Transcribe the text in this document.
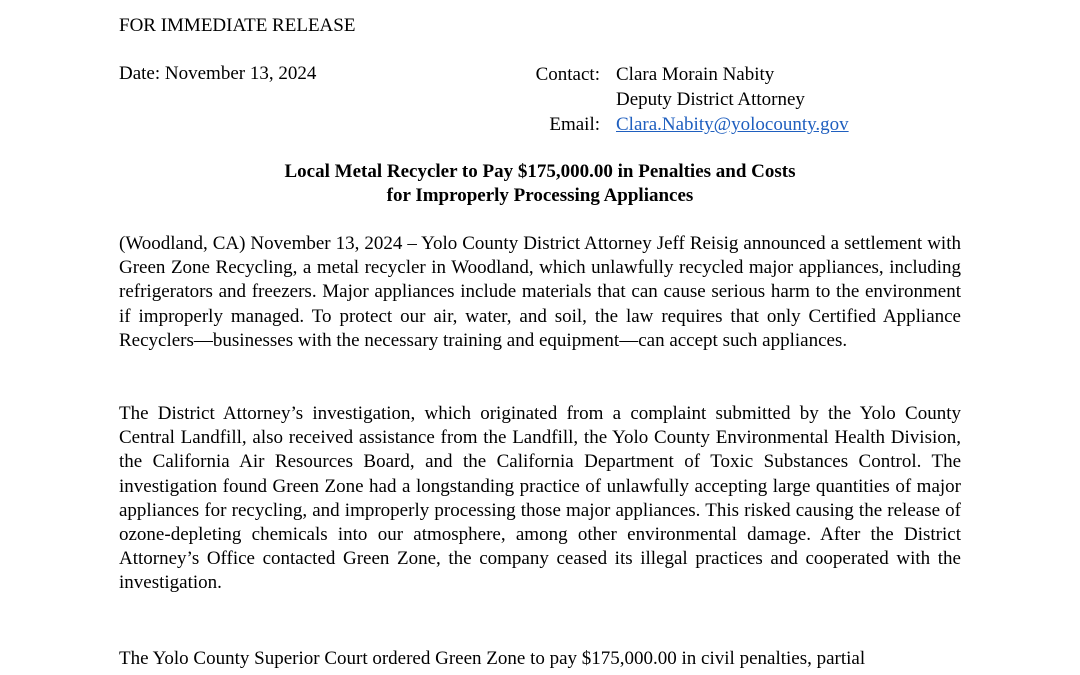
FOR IMMEDIATE RELEASE
Date: November 13, 2024	Contact: Clara Morain Nabity
Deputy District Attorney
Email: Clara.Nabity@yolocounty.gov
Local Metal Recycler to Pay $175,000.00 in Penalties and Costs
for Improperly Processing Appliances

(Woodland, CA) November 13, 2024 – Yolo County District Attorney Jeff Reisig announced a settlement with Green Zone Recycling, a metal recycler in Woodland, which unlawfully recycled major appliances, including refrigerators and freezers. Major appliances include materials that can cause serious harm to the environment if improperly managed. To protect our air, water, and soil, the law requires that only Certified Appliance Recyclers—businesses with the necessary training and equipment—can accept such appliances.

The District Attorney’s investigation, which originated from a complaint submitted by the Yolo County Central Landfill, also received assistance from the Landfill, the Yolo County Environmental Health Division, the California Air Resources Board, and the California Department of Toxic Substances Control. The investigation found Green Zone had a longstanding practice of unlawfully accepting large quantities of major appliances for recycling, and improperly processing those major appliances. This risked causing the release of ozone-depleting chemicals into our atmosphere, among other environmental damage. After the District Attorney’s Office contacted Green Zone, the company ceased its illegal practices and cooperated with the investigation.

The Yolo County Superior Court ordered Green Zone to pay $175,000.00 in civil penalties, partial
